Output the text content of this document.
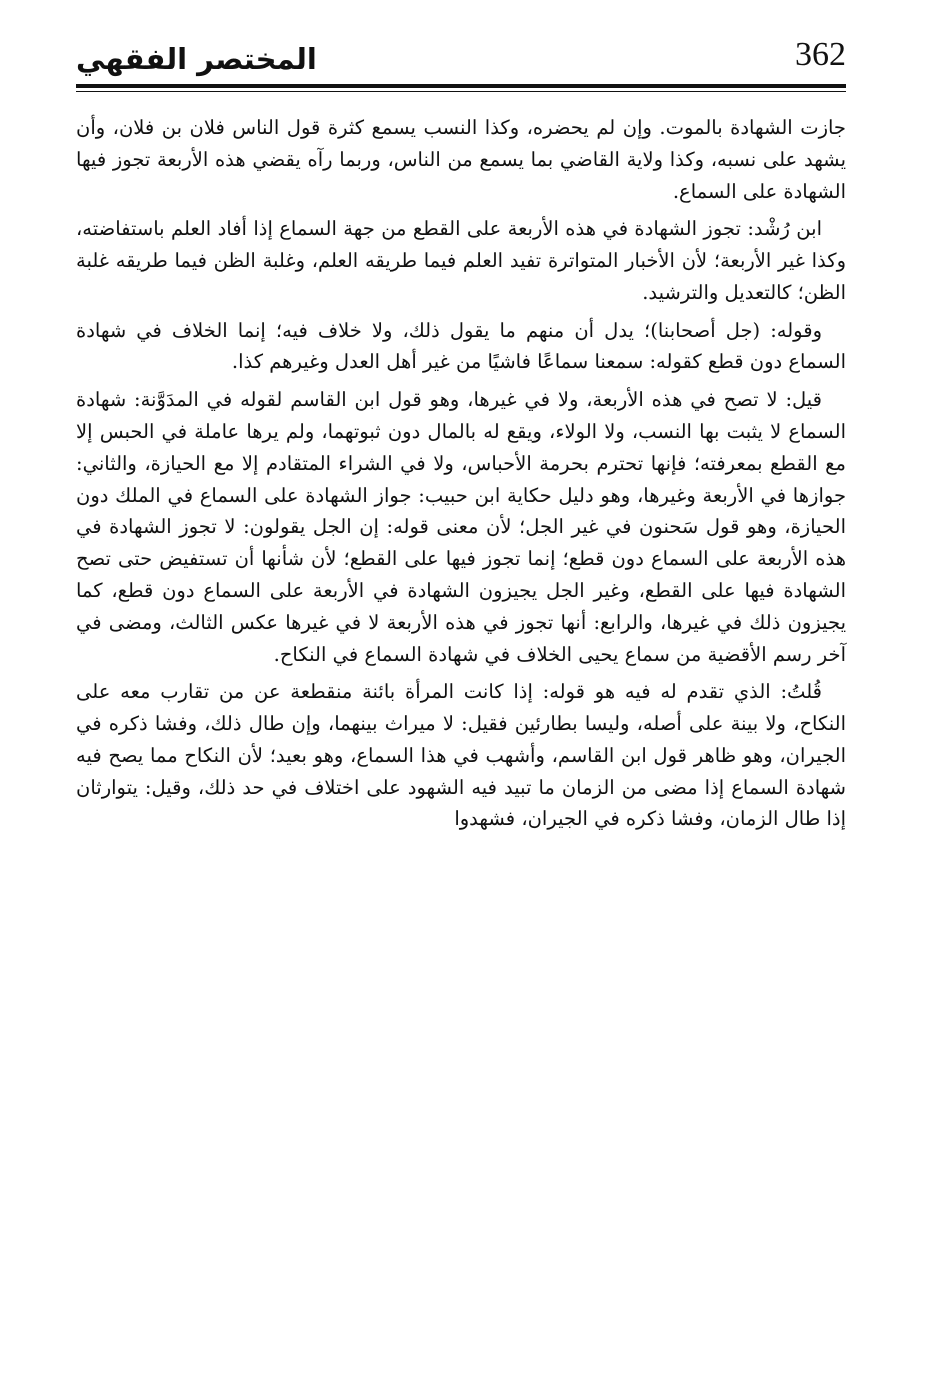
المختصر الفقهي	362

جازت الشهادة بالموت. وإن لم يحضره، وكذا النسب يسمع كثرة قول الناس فلان بن فلان، وأن يشهد على نسبه، وكذا ولاية القاضي بما يسمع من الناس، وربما رآه يقضي هذه الأربعة تجوز فيها الشهادة على السماع.

ابن رُشْد: تجوز الشهادة في هذه الأربعة على القطع من جهة السماع إذا أفاد العلم باستفاضته، وكذا غير الأربعة؛ لأن الأخبار المتواترة تفيد العلم فيما طريقه العلم، وغلبة الظن فيما طريقه غلبة الظن؛ كالتعديل والترشيد.

وقوله: (جل أصحابنا)؛ يدل أن منهم ما يقول ذلك، ولا خلاف فيه؛ إنما الخلاف في شهادة السماع دون قطع كقوله: سمعنا سماعًا فاشيًا من غير أهل العدل وغيرهم كذا.

قيل: لا تصح في هذه الأربعة، ولا في غيرها، وهو قول ابن القاسم لقوله في المدَوَّنة: شهادة السماع لا يثبت بها النسب، ولا الولاء، ويقع له بالمال دون ثبوتهما، ولم يرها عاملة في الحبس إلا مع القطع بمعرفته؛ فإنها تحترم بحرمة الأحباس، ولا في الشراء المتقادم إلا مع الحيازة، والثاني: جوازها في الأربعة وغيرها، وهو دليل حكاية ابن حبيب: جواز الشهادة على السماع في الملك دون الحيازة، وهو قول سَحنون في غير الجل؛ لأن معنى قوله: إن الجل يقولون: لا تجوز الشهادة في هذه الأربعة على السماع دون قطع؛ إنما تجوز فيها على القطع؛ لأن شأنها أن تستفيض حتى تصح الشهادة فيها على القطع، وغير الجل يجيزون الشهادة في الأربعة على السماع دون قطع، كما يجيزون ذلك في غيرها، والرابع: أنها تجوز في هذه الأربعة لا في غيرها عكس الثالث، ومضى في آخر رسم الأقضية من سماع يحيى الخلاف في شهادة السماع في النكاح.

قُلتُ: الذي تقدم له فيه هو قوله: إذا كانت المرأة بائنة منقطعة عن من تقارب معه على النكاح، ولا بينة على أصله، وليسا بطارئين فقيل: لا ميراث بينهما، وإن طال ذلك، وفشا ذكره في الجيران، وهو ظاهر قول ابن القاسم، وأشهب في هذا السماع، وهو بعيد؛ لأن النكاح مما يصح فيه شهادة السماع إذا مضى من الزمان ما تبيد فيه الشهود على اختلاف في حد ذلك، وقيل: يتوارثان إذا طال الزمان، وفشا ذكره في الجيران، فشهدوا
